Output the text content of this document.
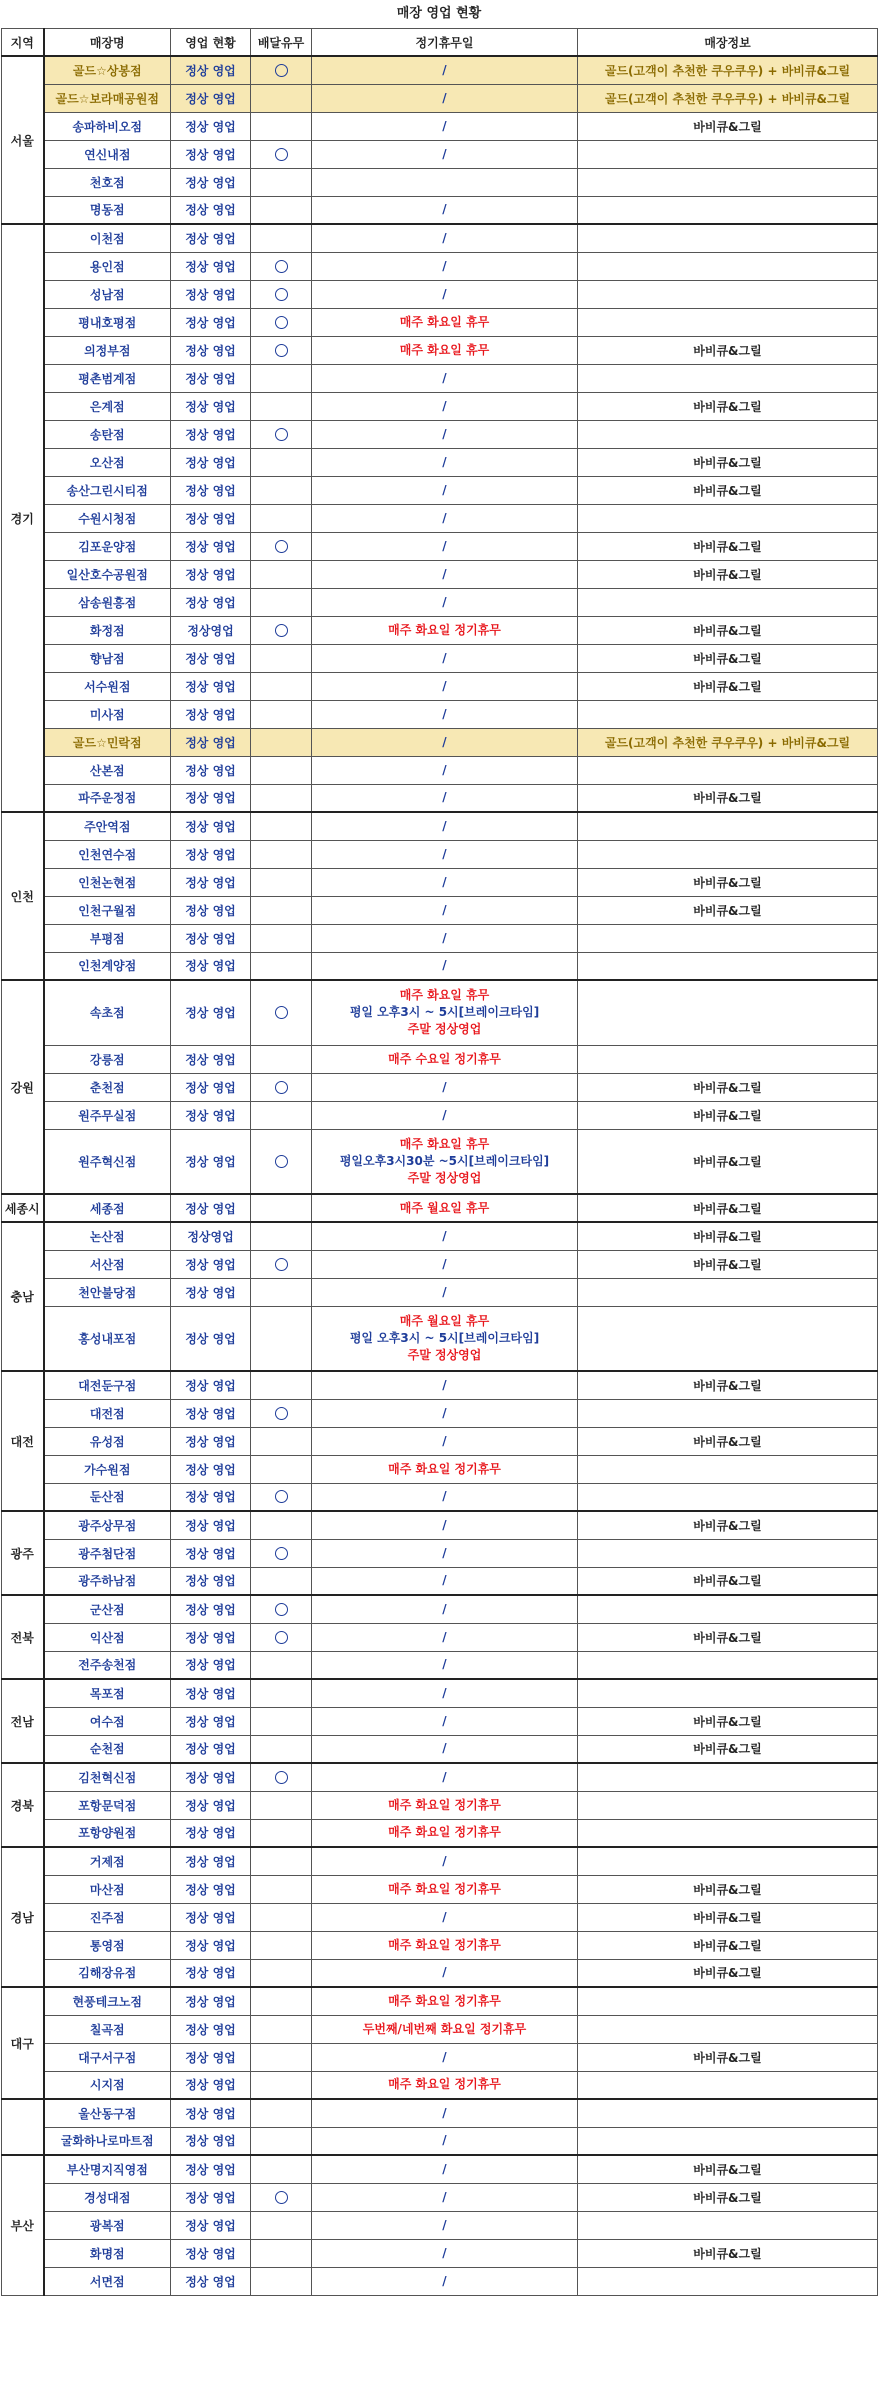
매장 영업 현황
지역	매장명	영업 현황	배달유무	정기휴무일	매장정보
서울	골드☆상봉점	정상 영업		/	골드(고객이 추천한 쿠우쿠우) + 바비큐&그릴
	골드☆보라매공원점	정상 영업		/	골드(고객이 추천한 쿠우쿠우) + 바비큐&그릴
	송파하비오점	정상 영업		/	바비큐&그릴
	연신내점	정상 영업		/	

	천호점	정상 영업			
	명동점	정상 영업		/	

경기	이천점	정상 영업		/	

	용인점	정상 영업		/	

	성남점	정상 영업		/	

	평내호평점	정상 영업		매주 화요일 휴무	

	의정부점	정상 영업		매주 화요일 휴무	바비큐&그릴
	평촌범계점	정상 영업		/	

	은계점	정상 영업		/	바비큐&그릴
	송탄점	정상 영업		/	

	오산점	정상 영업		/	바비큐&그릴
	송산그린시티점	정상 영업		/	바비큐&그릴
	수원시청점	정상 영업		/	

	김포운양점	정상 영업		/	바비큐&그릴
	일산호수공원점	정상 영업		/	바비큐&그릴
	삼송원흥점	정상 영업		/	

	화정점	정상영업		매주 화요일 정기휴무	바비큐&그릴
	향남점	정상 영업		/	바비큐&그릴
	서수원점	정상 영업		/	바비큐&그릴
	미사점	정상 영업		/	

	골드☆민락점	정상 영업		/	골드(고객이 추천한 쿠우쿠우) + 바비큐&그릴
	산본점	정상 영업		/	

	파주운정점	정상 영업		/	바비큐&그릴
인천	주안역점	정상 영업		/	

	인천연수점	정상 영업		/	

	인천논현점	정상 영업		/	바비큐&그릴
	인천구월점	정상 영업		/	바비큐&그릴
	부평점	정상 영업		/	

	인천계양점	정상 영업		/	

강원	속초점	정상 영업		매주 화요일 휴무
평일 오후3시 ~ 5시[브레이크타임]
주말 정상영업	

	강릉점	정상 영업		매주 수요일 정기휴무	

	춘천점	정상 영업		/	바비큐&그릴
	원주무실점	정상 영업		/	바비큐&그릴
	원주혁신점	정상 영업		매주 화요일 휴무
평일오후3시30분 ~5시[브레이크타임]
주말 정상영업	바비큐&그릴
세종시	세종점	정상 영업		매주 월요일 휴무	바비큐&그릴
충남	논산점	정상영업		/	바비큐&그릴
	서산점	정상 영업		/	바비큐&그릴
	천안불당점	정상 영업		/	

	홍성내포점	정상 영업		매주 월요일 휴무
평일 오후3시 ~ 5시[브레이크타임]
주말 정상영업	

대전	대전둔구점	정상 영업		/	바비큐&그릴
	대전점	정상 영업		/	

	유성점	정상 영업		/	바비큐&그릴
	가수원점	정상 영업		매주 화요일 정기휴무	

	둔산점	정상 영업		/	

광주	광주상무점	정상 영업		/	바비큐&그릴
	광주첨단점	정상 영업		/	

	광주하남점	정상 영업		/	바비큐&그릴
전북	군산점	정상 영업		/	

	익산점	정상 영업		/	바비큐&그릴
	전주송천점	정상 영업		/	

전남	목포점	정상 영업		/	

	여수점	정상 영업		/	바비큐&그릴
	순천점	정상 영업		/	바비큐&그릴
경북	김천혁신점	정상 영업		/	

	포항문덕점	정상 영업		매주 화요일 정기휴무	

	포항양원점	정상 영업		매주 화요일 정기휴무	

경남	거제점	정상 영업		/	

	마산점	정상 영업		매주 화요일 정기휴무	바비큐&그릴
	진주점	정상 영업		/	바비큐&그릴
	통영점	정상 영업		매주 화요일 정기휴무	바비큐&그릴
	김해장유점	정상 영업		/	바비큐&그릴
대구	현풍테크노점	정상 영업		매주 화요일 정기휴무	

	칠곡점	정상 영업		두번째/네번째 화요일 정기휴무	

	대구서구점	정상 영업		/	바비큐&그릴
	시지점	정상 영업		매주 화요일 정기휴무	

	울산동구점	정상 영업		/	

	굴화하나로마트점	정상 영업		/	

부산	부산명지직영점	정상 영업		/	바비큐&그릴
	경성대점	정상 영업		/	바비큐&그릴
	광복점	정상 영업		/	

	화명점	정상 영업		/	바비큐&그릴
	서면점	정상 영업		/	
